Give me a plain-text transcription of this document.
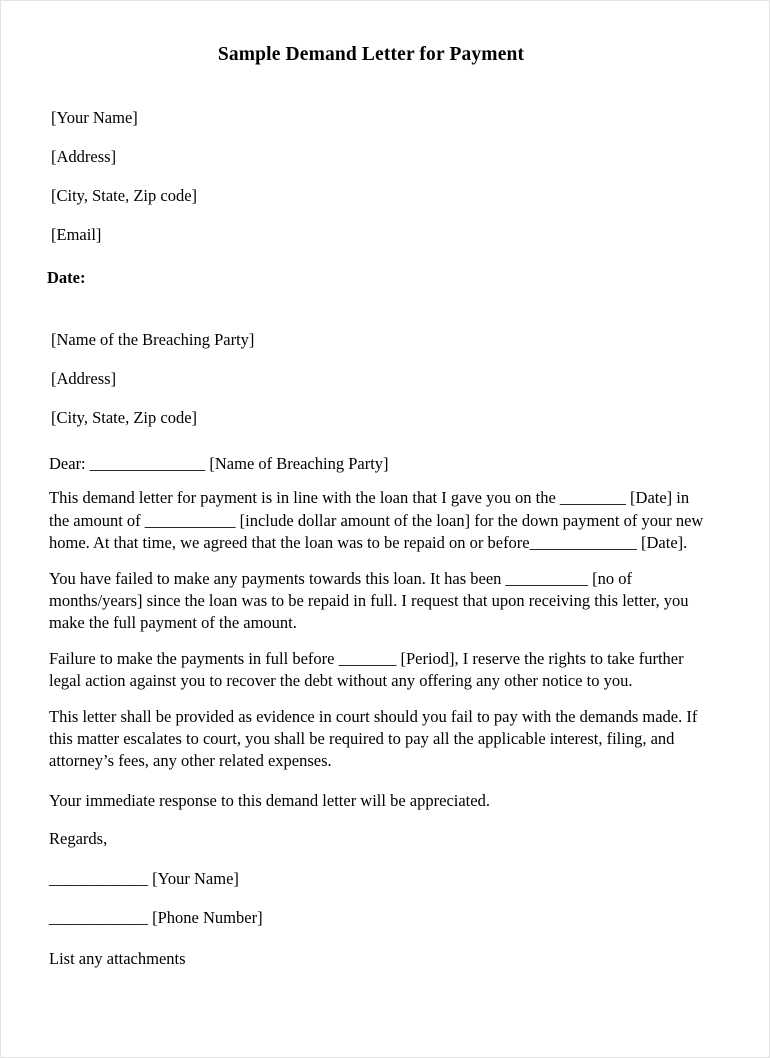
Sample Demand Letter for Payment
[Your Name]
[Address]
[City, State, Zip code]
[Email]
Date:
[Name of the Breaching Party]
[Address]
[City, State, Zip code]
Dear: ______________ [Name of Breaching Party]

This demand letter for payment is in line with the loan that I gave you on the ________ [Date] in the amount of ___________ [include dollar amount of the loan] for the down payment of your new home. At that time, we agreed that the loan was to be repaid on or before_____________ [Date].

You have failed to make any payments towards this loan. It has been __________ [no of months/years] since the loan was to be repaid in full. I request that upon receiving this letter, you make the full payment of the amount.

Failure to make the payments in full before _______ [Period], I reserve the rights to take further legal action against you to recover the debt without any offering any other notice to you.

This letter shall be provided as evidence in court should you fail to pay with the demands made. If this matter escalates to court, you shall be required to pay all the applicable interest, filing, and attorney’s fees, any other related expenses.

Your immediate response to this demand letter will be appreciated.
Regards,
____________ [Your Name]
____________ [Phone Number]
List any attachments
